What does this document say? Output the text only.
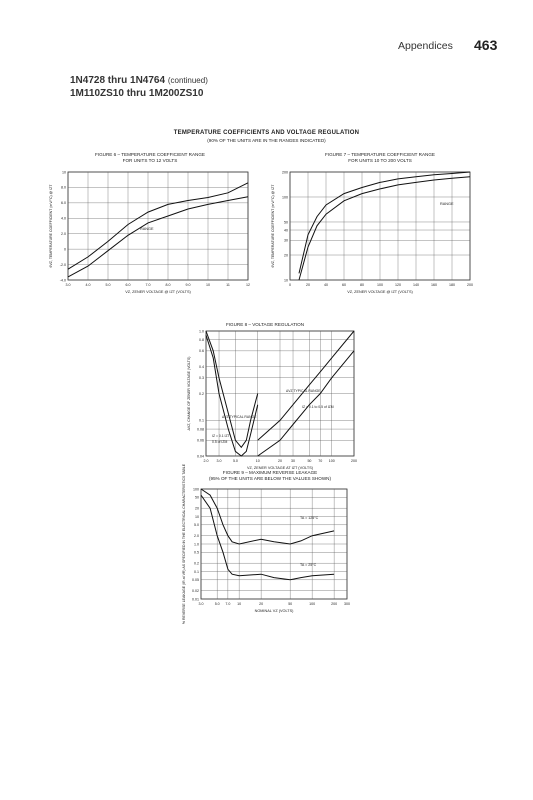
Appendices 463
1N4728 thru 1N4764 (continued)
1M110ZS10 thru 1M200ZS10
TEMPERATURE COEFFICIENTS AND VOLTAGE REGULATION
(90% OF THE UNITS ARE IN THE RANGES INDICATED)
FIGURE 6 – TEMPERATURE COEFFICIENT RANGE
FOR UNITS TO 12 VOLTS
FIGURE 7 – TEMPERATURE COEFFICIENT RANGE
FOR UNITS 10 TO 200 VOLTS
FIGURE 8 – VOLTAGE REGULATION
FIGURE 9 – MAXIMUM REVERSE LEAKAGE
(95% OF THE UNITS ARE BELOW THE VALUES SHOWN)
3.0	4.0	5.0	6.0	7.0	8.0	9.0	10	11	12
-4.0
-2.0
0
2.0
4.0
6.0
8.0
10
VZ, ZENER VOLTAGE @ IZT (VOLTS)
θVZ, TEMPERATURE COEFFICIENT (mV/°C) @ IZT
0	20	40	60	80	100	120	140	160	180	200
10
20
30
40
50
100
200
VZ, ZENER VOLTAGE @ IZT (VOLTS)
θVZ, TEMPERATURE COEFFICIENT (mV/°C) @ IZT
2.0 3.0	5.0	10	20	30	50 70 100	200
0.04
0.06
0.08
0.1
0.2
0.3
0.4
0.6
0.8
1.0
VZ, ZENER VOLTAGE AT IZT (VOLTS)
ΔVZ, CHANGE OF ZENER VOLTAGE (VOLTS)
3.0	5.0 7.0 10	20	50	100	200 300
0.01
0.02
0.05
0.1
0.2
0.5
1.0
2.0
5.0
10
20
50
100
NOMINAL VZ (VOLTS)
% REVERSE LEAKAGE (IR at VR) AS SPECIFIED IN THE ELECTRICAL CHARACTERISTICS TABLE
RANGE
RANGE
ΔVZ TYPICAL RANGE
ΔVZ TYPICAL RANGE
IZ = 0.1 IZT
IZ = 0.1 to 0.5 of IZM
0.5 of IZM
TA = 125°C
TA = 25°C
